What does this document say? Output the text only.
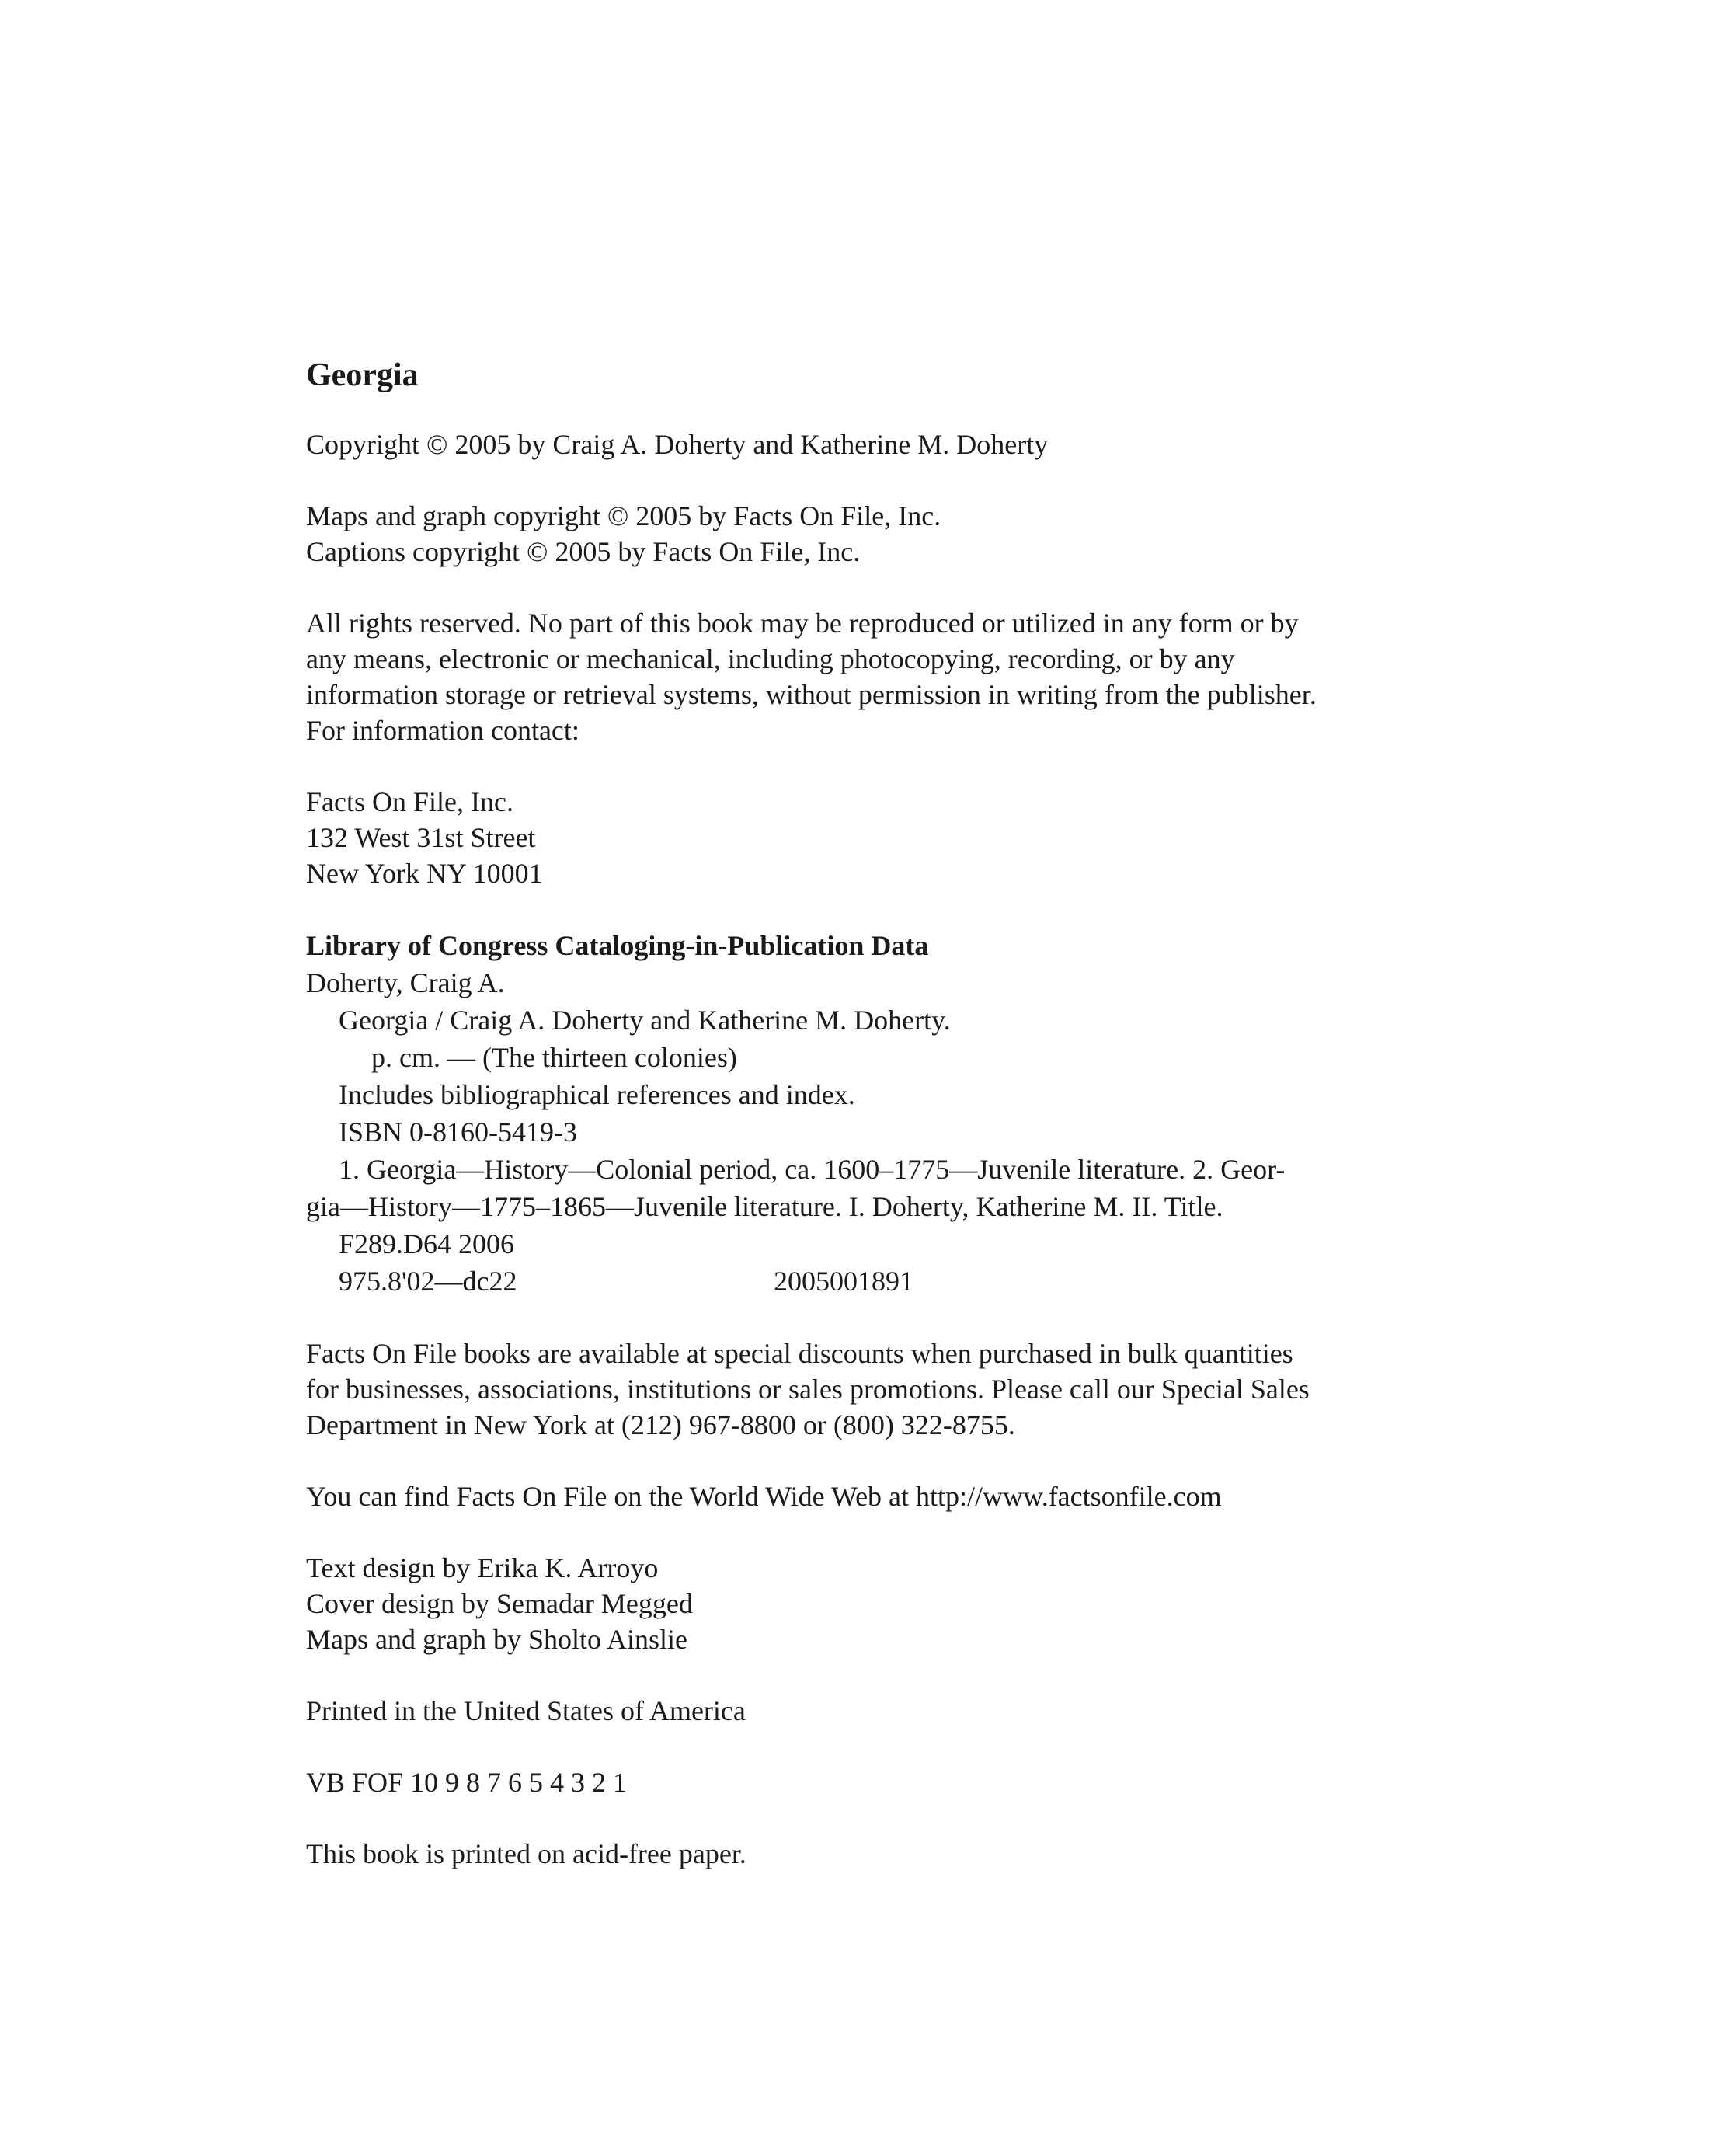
Georgia
Copyright © 2005 by Craig A. Doherty and Katherine M. Doherty
Maps and graph copyright © 2005 by Facts On File, Inc.
Captions copyright © 2005 by Facts On File, Inc.
All rights reserved. No part of this book may be reproduced or utilized in any form or by
any means, electronic or mechanical, including photocopying, recording, or by any
information storage or retrieval systems, without permission in writing from the publisher.
For information contact:
Facts On File, Inc.
132 West 31st Street
New York NY 10001
Library of Congress Cataloging-in-Publication Data
Doherty, Craig A.
Georgia / Craig A. Doherty and Katherine M. Doherty.
p. cm. — (The thirteen colonies)
Includes bibliographical references and index.
ISBN 0-8160-5419-3
1. Georgia—History—Colonial period, ca. 1600–1775—Juvenile literature. 2. Geor-
gia—History—1775–1865—Juvenile literature. I. Doherty, Katherine M. II. Title.
F289.D64 2006
975.8'02—dc22	2005001891
Facts On File books are available at special discounts when purchased in bulk quantities
for businesses, associations, institutions or sales promotions. Please call our Special Sales
Department in New York at (212) 967-8800 or (800) 322-8755.
You can find Facts On File on the World Wide Web at http://www.factsonfile.com
Text design by Erika K. Arroyo
Cover design by Semadar Megged
Maps and graph by Sholto Ainslie
Printed in the United States of America
VB FOF 10 9 8 7 6 5 4 3 2 1
This book is printed on acid-free paper.
